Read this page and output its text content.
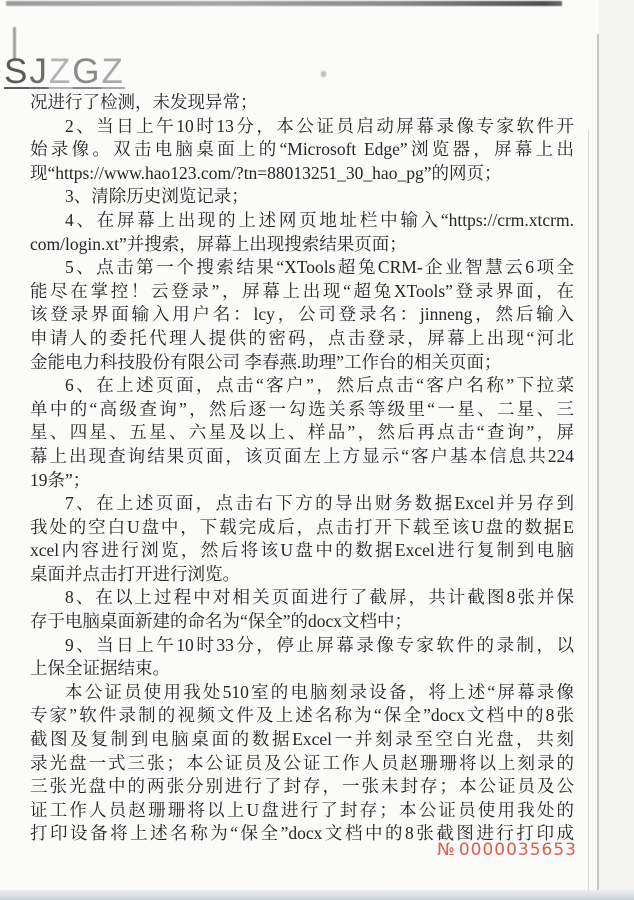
SJZGZ
况进行了检测，未发现异常；
2、当日上午10时13分，本公证员启动屏幕录像专家软件开
始录像。双击电脑桌面上的“Microsoft Edge”浏览器，屏幕上出
现“https://www.hao123.com/?tn=88013251_30_hao_pg”的网页；
3、清除历史浏览记录；
4、在屏幕上出现的上述网页地址栏中输入“https://crm.xtcrm.
com/login.xt”并搜索，屏幕上出现搜索结果页面；
5、点击第一个搜索结果“XTools超兔CRM-企业智慧云6项全
能尽在掌控！云登录”，屏幕上出现“超兔XTools”登录界面，在
该登录界面输入用户名：lcy，公司登录名：jinneng，然后输入
申请人的委托代理人提供的密码，点击登录，屏幕上出现“河北
金能电力科技股份有限公司 李春燕.助理”工作台的相关页面；
6、在上述页面，点击“客户”，然后点击“客户名称”下拉菜
单中的“高级查询”，然后逐一勾选关系等级里“一星、二星、三
星、四星、五星、六星及以上、样品”，然后再点击“查询”，屏
幕上出现查询结果页面，该页面左上方显示“客户基本信息共224
19条”；
7、在上述页面，点击右下方的导出财务数据Excel并另存到
我处的空白U盘中，下载完成后，点击打开下载至该U盘的数据E
xcel内容进行浏览，然后将该U盘中的数据Excel进行复制到电脑
桌面并点击打开进行浏览。
8、在以上过程中对相关页面进行了截屏，共计截图8张并保
存于电脑桌面新建的命名为“保全”的docx文档中；
9、当日上午10时33分，停止屏幕录像专家软件的录制，以
上保全证据结束。
本公证员使用我处510室的电脑刻录设备，将上述“屏幕录像
专家”软件录制的视频文件及上述名称为“保全”docx文档中的8张
截图及复制到电脑桌面的数据Excel一并刻录至空白光盘，共刻
录光盘一式三张；本公证员及公证工作人员赵珊珊将以上刻录的
三张光盘中的两张分别进行了封存，一张未封存；本公证员及公
证工作人员赵珊珊将以上U盘进行了封存；本公证员使用我处的
打印设备将上述名称为“保全”docx文档中的8张截图进行打印成
№ 0000035653
